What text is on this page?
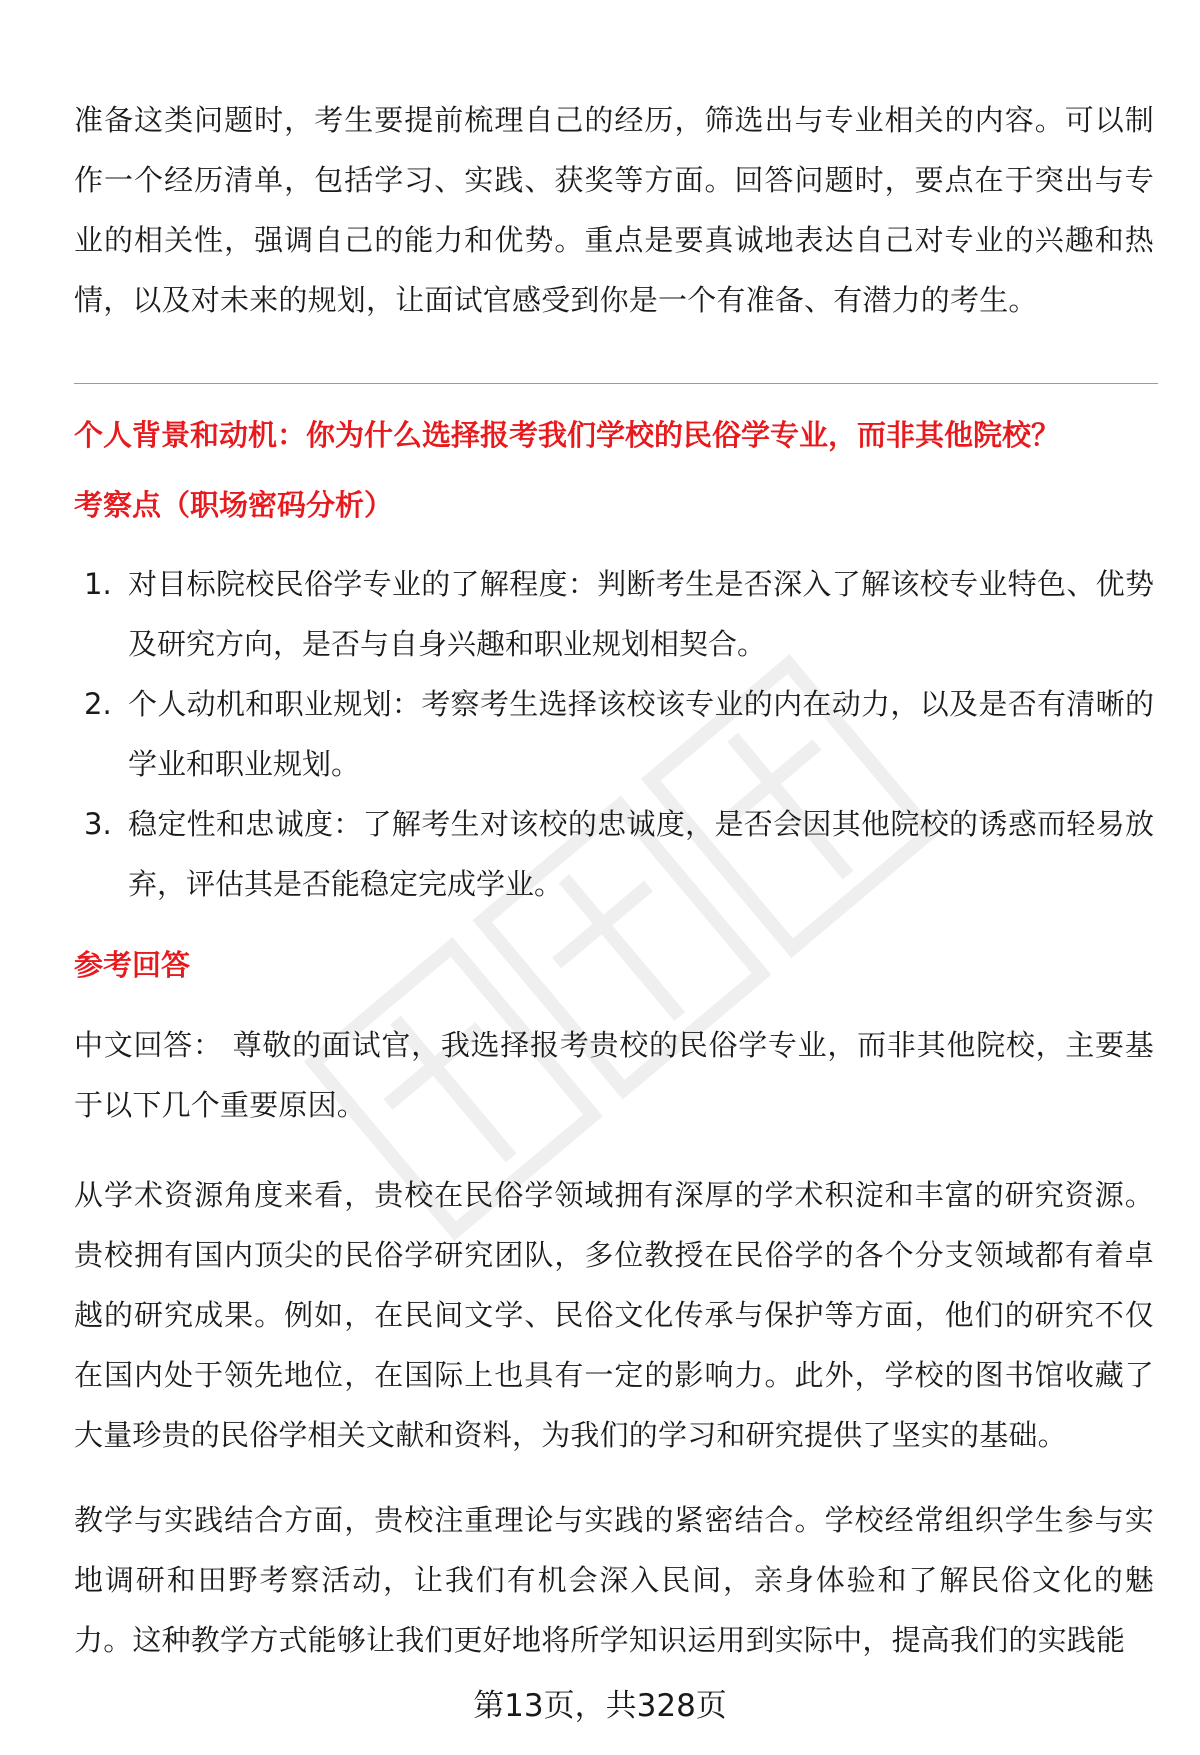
准备这类问题时，考生要提前梳理自己的经历，筛选出与专业相关的内容。可以制作一个经历清单，包括学习、实践、获奖等方面。回答问题时，要点在于突出与专业的相关性，强调自己的能力和优势。重点是要真诚地表达自己对专业的兴趣和热情，以及对未来的规划，让面试官感受到你是一个有准备、有潜力的考生。

个人背景和动机：你为什么选择报考我们学校的民俗学专业，而非其他院校？
考察点（职场密码分析）
1. 对目标院校民俗学专业的了解程度：判断考生是否深入了解该校专业特色、优势及研究方向，是否与自身兴趣和职业规划相契合。
2. 个人动机和职业规划：考察考生选择该校该专业的内在动力，以及是否有清晰的学业和职业规划。
3. 稳定性和忠诚度：了解考生对该校的忠诚度，是否会因其他院校的诱惑而轻易放弃，评估其是否能稳定完成学业。
参考回答

中文回答： 尊敬的面试官，我选择报考贵校的民俗学专业，而非其他院校，主要基于以下几个重要原因。

从学术资源角度来看，贵校在民俗学领域拥有深厚的学术积淀和丰富的研究资源。贵校拥有国内顶尖的民俗学研究团队，多位教授在民俗学的各个分支领域都有着卓越的研究成果。例如，在民间文学、民俗文化传承与保护等方面，他们的研究不仅在国内处于领先地位，在国际上也具有一定的影响力。此外，学校的图书馆收藏了大量珍贵的民俗学相关文献和资料，为我们的学习和研究提供了坚实的基础。

教学与实践结合方面，贵校注重理论与实践的紧密结合。学校经常组织学生参与实地调研和田野考察活动，让我们有机会深入民间，亲身体验和了解民俗文化的魅力。这种教学方式能够让我们更好地将所学知识运用到实际中，提高我们的实践能

第13页，共328页
